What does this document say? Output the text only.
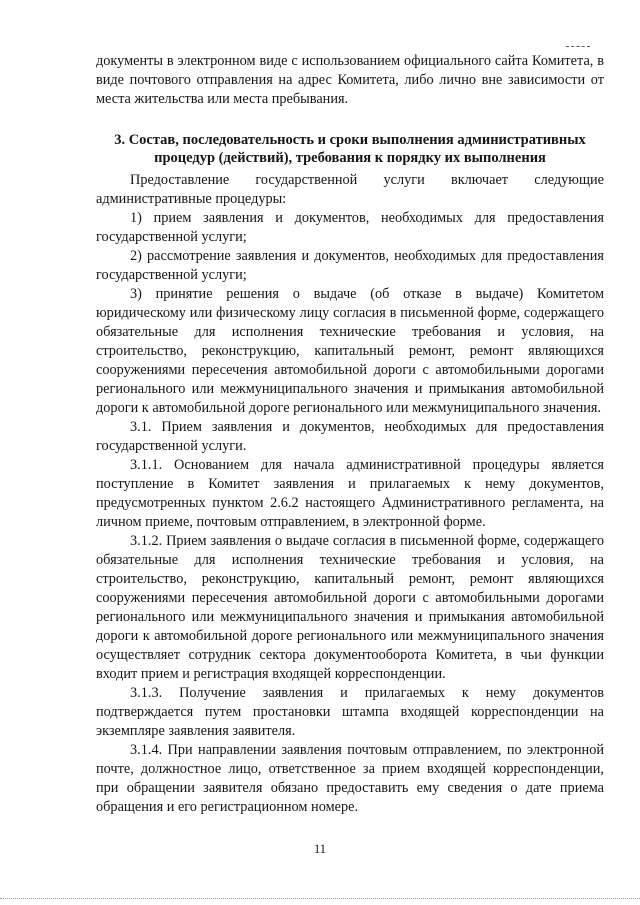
документы в электронном виде с использованием официального сайта Комитета, в виде почтового отправления на адрес Комитета, либо лично вне зависимости от места жительства или места пребывания.

3. Состав, последовательность и сроки выполнения административных процедур (действий), требования к порядку их выполнения

Предоставление государственной услуги включает следующие административные процедуры:

1) прием заявления и документов, необходимых для предоставления государственной услуги;

2) рассмотрение заявления и документов, необходимых для предоставления государственной услуги;

3) принятие решения о выдаче (об отказе в выдаче) Комитетом юридическому или физическому лицу согласия в письменной форме, содержащего обязательные для исполнения технические требования и условия, на строительство, реконструкцию, капитальный ремонт, ремонт являющихся сооружениями пересечения автомобильной дороги с автомобильными дорогами регионального или межмуниципального значения и примыкания автомобильной дороги к автомобильной дороге регионального или межмуниципального значения.

3.1. Прием заявления и документов, необходимых для предоставления государственной услуги.

3.1.1. Основанием для начала административной процедуры является поступление в Комитет заявления и прилагаемых к нему документов, предусмотренных пунктом 2.6.2 настоящего Административного регламента, на личном приеме, почтовым отправлением, в электронной форме.

3.1.2. Прием заявления о выдаче согласия в письменной форме, содержащего обязательные для исполнения технические требования и условия, на строительство, реконструкцию, капитальный ремонт, ремонт являющихся сооружениями пересечения автомобильной дороги с автомобильными дорогами регионального или межмуниципального значения и примыкания автомобильной дороги к автомобильной дороге регионального или межмуниципального значения осуществляет сотрудник сектора документооборота Комитета, в чьи функции входит прием и регистрация входящей корреспонденции.

3.1.3. Получение заявления и прилагаемых к нему документов подтверждается путем простановки штампа входящей корреспонденции на экземпляре заявления заявителя.

3.1.4. При направлении заявления почтовым отправлением, по электронной почте, должностное лицо, ответственное за прием входящей корреспонденции, при обращении заявителя обязано предоставить ему сведения о дате приема обращения и его регистрационном номере.

11
